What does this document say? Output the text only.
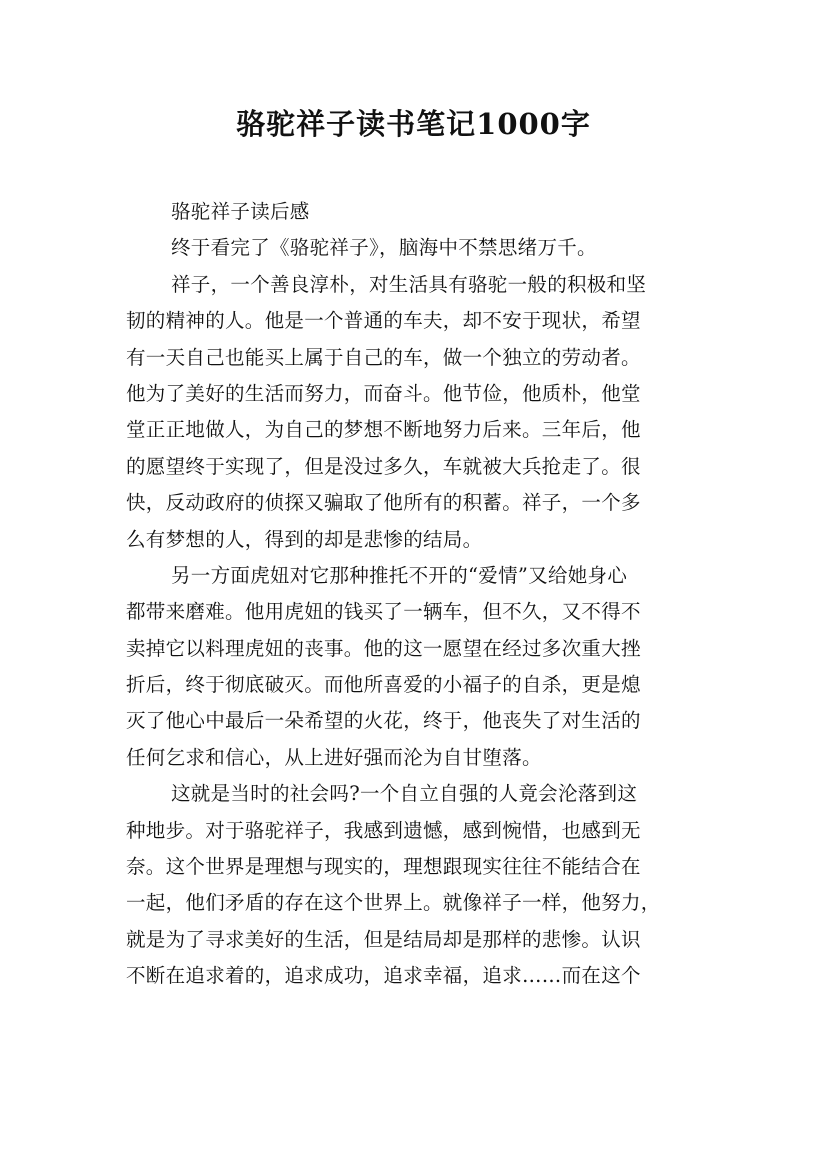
骆驼祥子读书笔记1000字
骆驼祥子读后感
终于看完了《骆驼祥子》，脑海中不禁思绪万千。
祥子，一个善良淳朴，对生活具有骆驼一般的积极和坚
韧的精神的人。他是一个普通的车夫，却不安于现状，希望
有一天自己也能买上属于自己的车，做一个独立的劳动者。
他为了美好的生活而努力，而奋斗。他节俭，他质朴，他堂
堂正正地做人，为自己的梦想不断地努力后来。三年后，他
的愿望终于实现了，但是没过多久，车就被大兵抢走了。很
快，反动政府的侦探又骗取了他所有的积蓄。祥子，一个多
么有梦想的人，得到的却是悲惨的结局。
另一方面虎妞对它那种推托不开的“爱情”又给她身心
都带来磨难。他用虎妞的钱买了一辆车，但不久，又不得不
卖掉它以料理虎妞的丧事。他的这一愿望在经过多次重大挫
折后，终于彻底破灭。而他所喜爱的小福子的自杀，更是熄
灭了他心中最后一朵希望的火花，终于，他丧失了对生活的
任何乞求和信心，从上进好强而沦为自甘堕落。
这就是当时的社会吗?一个自立自强的人竟会沦落到这
种地步。对于骆驼祥子，我感到遗憾，感到惋惜，也感到无
奈。这个世界是理想与现实的，理想跟现实往往不能结合在
一起，他们矛盾的存在这个世界上。就像祥子一样，他努力，
就是为了寻求美好的生活，但是结局却是那样的悲惨。认识
不断在追求着的，追求成功，追求幸福，追求……而在这个
